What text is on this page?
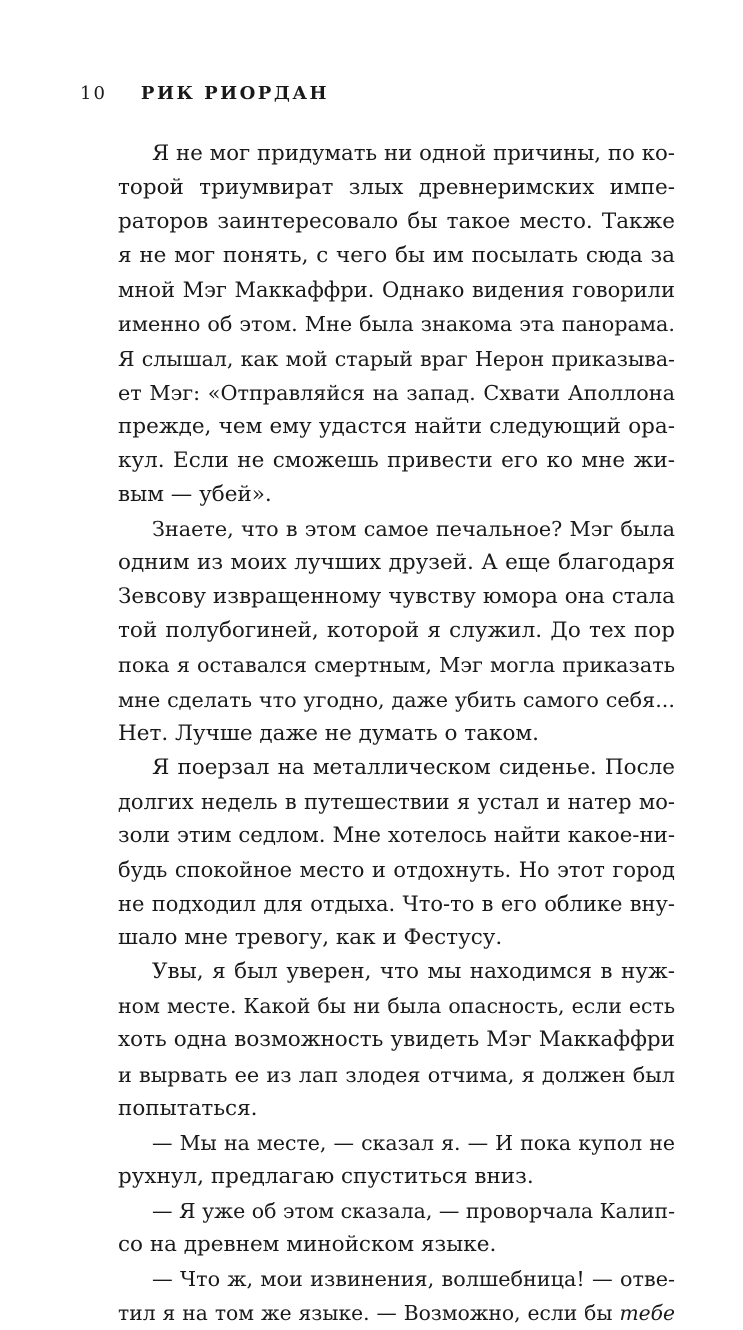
10 РИК РИОРДАН
Я не мог придумать ни одной причины, по ко-
торой триумвират злых древнеримских импе-
раторов заинтересовало бы такое место. Также
я не мог понять, с чего бы им посылать сюда за
мной Мэг Маккаффри. Однако видения говорили
именно об этом. Мне была знакома эта панорама.
Я слышал, как мой старый враг Нерон приказыва-
ет Мэг: «Отправляйся на запад. Схвати Аполлона
прежде, чем ему удастся найти следующий ора-
кул. Если не сможешь привести его ко мне жи-
вым — убей».
Знаете, что в этом самое печальное? Мэг была
одним из моих лучших друзей. А еще благодаря
Зевсову извращенному чувству юмора она стала
той полубогиней, которой я служил. До тех пор
пока я оставался смертным, Мэг могла приказать
мне сделать что угодно, даже убить самого себя...
Нет. Лучше даже не думать о таком.
Я поерзал на металлическом сиденье. После
долгих недель в путешествии я устал и натер мо-
золи этим седлом. Мне хотелось найти какое-ни-
будь спокойное место и отдохнуть. Но этот город
не подходил для отдыха. Что-то в его облике вну-
шало мне тревогу, как и Фестусу.
Увы, я был уверен, что мы находимся в нуж-
ном месте. Какой бы ни была опасность, если есть
хоть одна возможность увидеть Мэг Маккаффри
и вырвать ее из лап злодея отчима, я должен был
попытаться.
— Мы на месте, — сказал я. — И пока купол не
рухнул, предлагаю спуститься вниз.
— Я уже об этом сказала, — проворчала Калип-
со на древнем минойском языке.
— Что ж, мои извинения, волшебница! — отве-
тил я на том же языке. — Возможно, если бы тебе
